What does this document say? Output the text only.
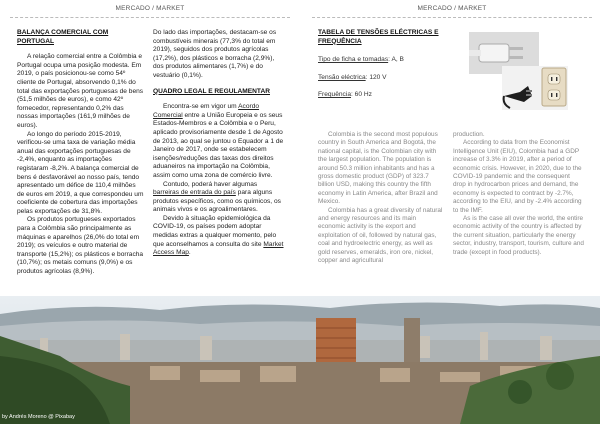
MERCADO / MARKET	MERCADO / MARKET
BALANÇA COMERCIAL COM PORTUGAL

A relação comercial entre a Colômbia e Portugal ocupa uma posição modesta. Em 2019, o país posicionou-se como 54º cliente de Portugal, absorvendo 0,1% do total das exportações portuguesas de bens (51,5 milhões de euros), e como 42º fornecedor, representando 0,2% das nossas importações (161,9 milhões de euros).

Ao longo do período 2015-2019, verificou-se uma taxa de variação média anual das exportações portuguesas de -2,4%, enquanto as importações registaram -8,2%. A balança comercial de bens é desfavorável ao nosso país, tendo apresentado um défice de 110,4 milhões de euros em 2019, a que correspondeu um coeficiente de cobertura das importações pelas exportações de 31,8%.

Os produtos portugueses exportados para a Colômbia são principalmente as máquinas e aparelhos (26,0% do total em 2019); os veículos e outro material de transporte (15,2%); os plásticos e borracha (10,7%); os metais comuns (9,0%) e os produtos agrícolas (8,9%).

Do lado das importações, destacam-se os combustíveis minerais (77,3% do total em 2019), seguidos dos produtos agrícolas (17,2%), dos plásticos e borracha (2,9%), dos produtos alimentares (1,7%) e do vestuário (0,1%).

QUADRO LEGAL E REGULAMENTAR

Encontra-se em vigor um Acordo Comercial entre a União Europeia e os seus Estados-Membros e a Colômbia e o Peru, aplicado provisoriamente desde 1 de Agosto de 2013, ao qual se juntou o Equador a 1 de Janeiro de 2017, onde se estabelecem isenções/reduções das taxas dos direitos aduaneiros na importação na Colômbia, assim como uma zona de comércio livre.

Contudo, poderá haver algumas barreiras de entrada do país para alguns produtos específicos, como os químicos, os animais vivos e os agroalimentares.

Devido à situação epidemiológica da COVID-19, os países podem adoptar medidas extras a qualquer momento, pelo que aconselhamos a consulta do site Market Access Map.

TABELA DE TENSÕES ELÉCTRICAS E FREQUÊNCIA
Tipo de ficha e tomadas: A, B
Tensão eléctrica: 120 V
Frequência: 60 Hz

Colombia is the second most populous country in South America and Bogotá, the national capital, is the Colombian city with the largest population. The population is around 50.3 million inhabitants and has a gross domestic product (GDP) of 323.7 billion USD, making this country the fifth economy in Latin America, after Brazil and Mexico.

Colombia has a great diversity of natural and energy resources and its main economic activity is the export and exploitation of oil, followed by natural gas, coal and hydroelectric energy, as well as gold reserves, emeralds, iron ore, nickel, copper and agricultural

production.

According to data from the Economist Intelligence Unit (EIU), Colombia had a GDP increase of 3.3% in 2019, after a period of economic crisis. However, in 2020, due to the COVID-19 pandemic and the consequent drop in hydrocarbon prices and demand, the economy is expected to contract by -2.7%, according to the EIU, and by -2.4% according to the IMF.

As is the case all over the world, the entire economic activity of the country is affected by the current situation, particularly the energy sector, industry, transport, tourism, culture and trade (except in food products).

by Andrés Moreno @ Pixabay
